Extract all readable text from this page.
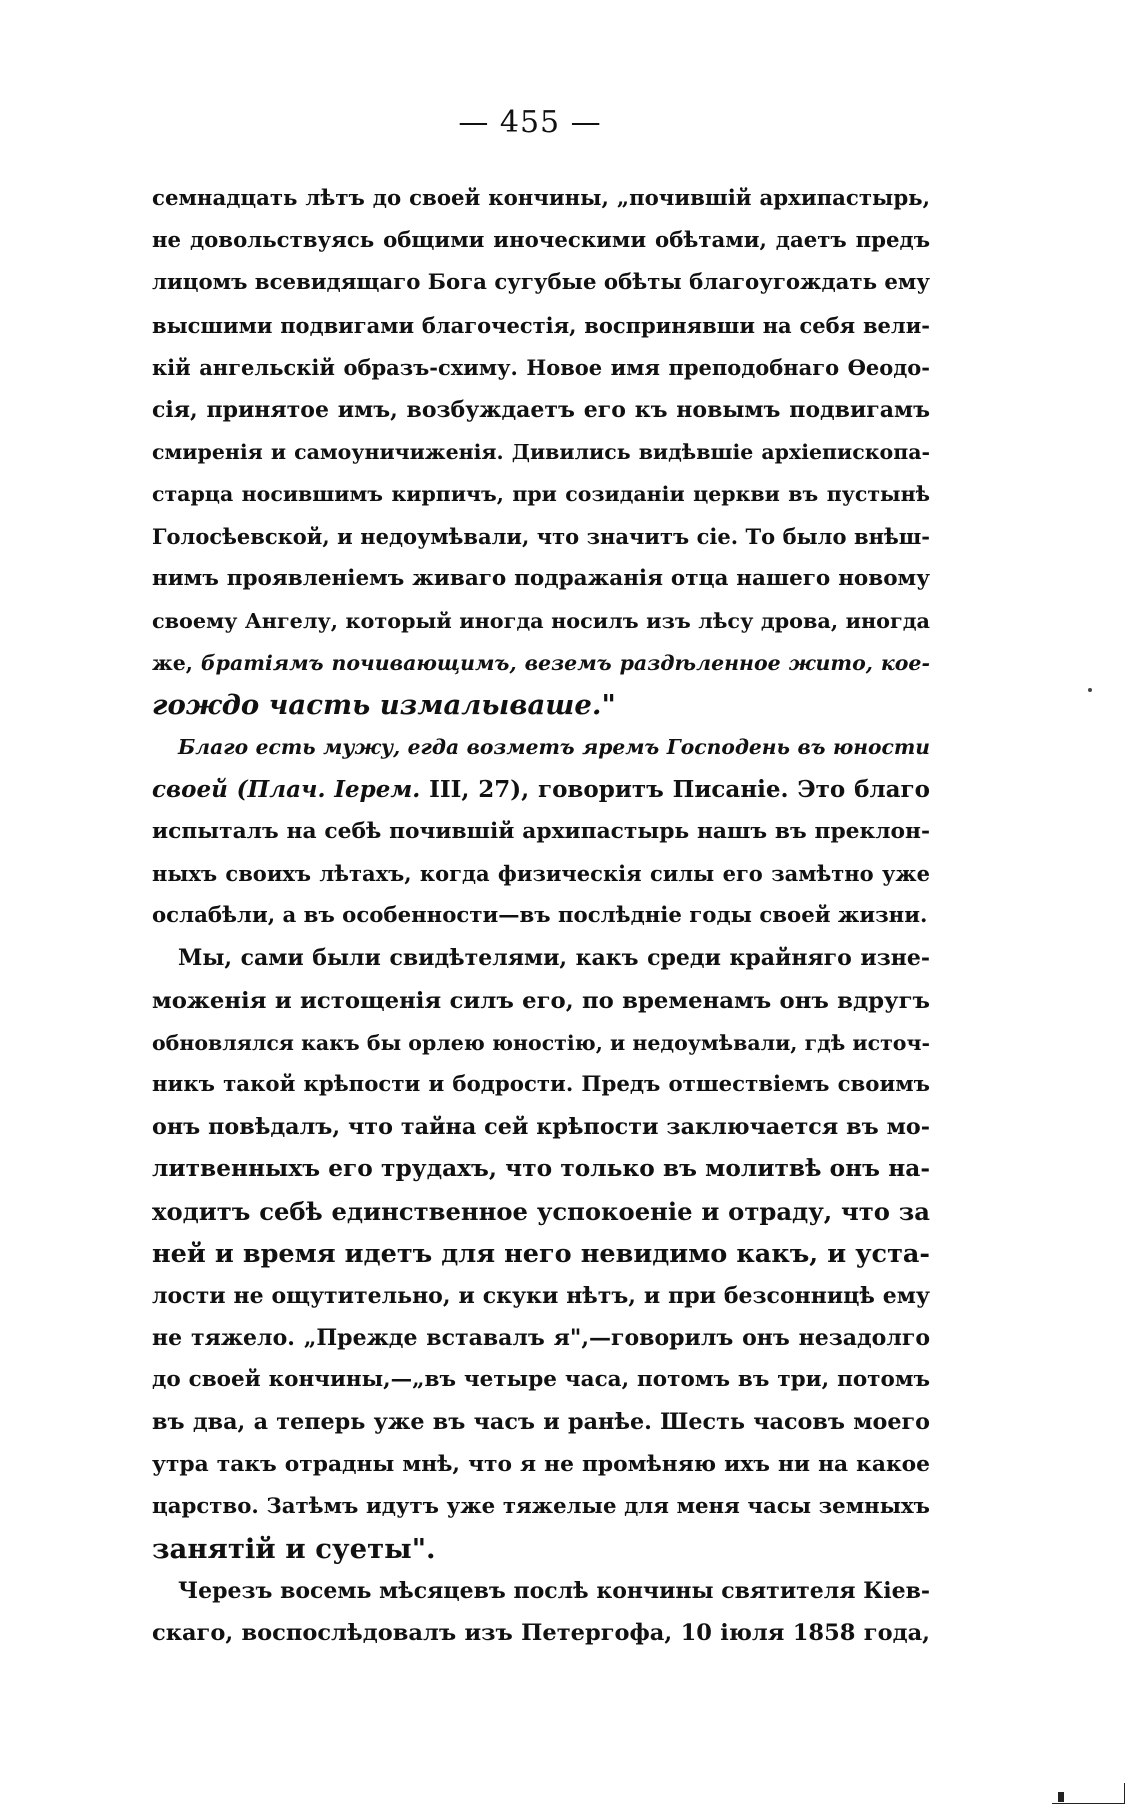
— 455 —
семнадцать лѣтъ до своей кончины, „почившiй архипастырь,
не довольствуясь общими иноческими обѣтами, даетъ предъ
лицомъ всевидящаго Бога сугубые обѣты благоугождать ему
высшими подвигами благочестiя, воспринявши на себя вели-
кiй ангельскiй образъ-схиму. Новое имя преподобнаго Ѳеодо-
сiя, принятое имъ, возбуждаетъ его къ новымъ подвигамъ
смиренiя и самоуничиженiя. Дивились видѣвшiе архiепископа-
старца носившимъ кирпичъ, при созиданiи церкви въ пустынѣ
Голосѣевской, и недоумѣвали, что значитъ сiе. То было внѣш-
нимъ проявленiемъ живаго подражанiя отца нашего новому
своему Ангелу, который иногда носилъ изъ лѣсу дрова, иногда
же, братiямъ почивающимъ, веземъ раздѣленное жито, кое-
гождо часть измалываше."
Благо есть мужу, егда возметъ яремъ Господень въ юности
своей (Плач. Iерем. III, 27), говоритъ Писанiе. Это благо
испыталъ на себѣ почившiй архипастырь нашъ въ преклон-
ныхъ своихъ лѣтахъ, когда физическiя силы его замѣтно уже
ослабѣли, а въ особенности—въ послѣднiе годы своей жизни.
Мы, сами были свидѣтелями, какъ среди крайняго изне-
моженiя и истощенiя силъ его, по временамъ онъ вдругъ
обновлялся какъ бы орлею юностiю, и недоумѣвали, гдѣ источ-
никъ такой крѣпости и бодрости. Предъ отшествiемъ своимъ
онъ повѣдалъ, что тайна сей крѣпости заключается въ мо-
литвенныхъ его трудахъ, что только въ молитвѣ онъ на-
ходитъ себѣ единственное успокоенiе и отраду, что за
ней и время идетъ для него невидимо какъ, и уста-
лости не ощутительно, и скуки нѣтъ, и при безсонницѣ ему
не тяжело. „Прежде вставалъ я",—говорилъ онъ незадолго
до своей кончины,—„въ четыре часа, потомъ въ три, потомъ
въ два, а теперь уже въ часъ и ранѣе. Шесть часовъ моего
утра такъ отрадны мнѣ, что я не промѣняю ихъ ни на какое
царство. Затѣмъ идутъ уже тяжелые для меня часы земныхъ
занятiй и суеты".
Черезъ восемь мѣсяцевъ послѣ кончины святителя Кiев-
скаго, воспослѣдовалъ изъ Петергофа, 10 iюля 1858 года,
